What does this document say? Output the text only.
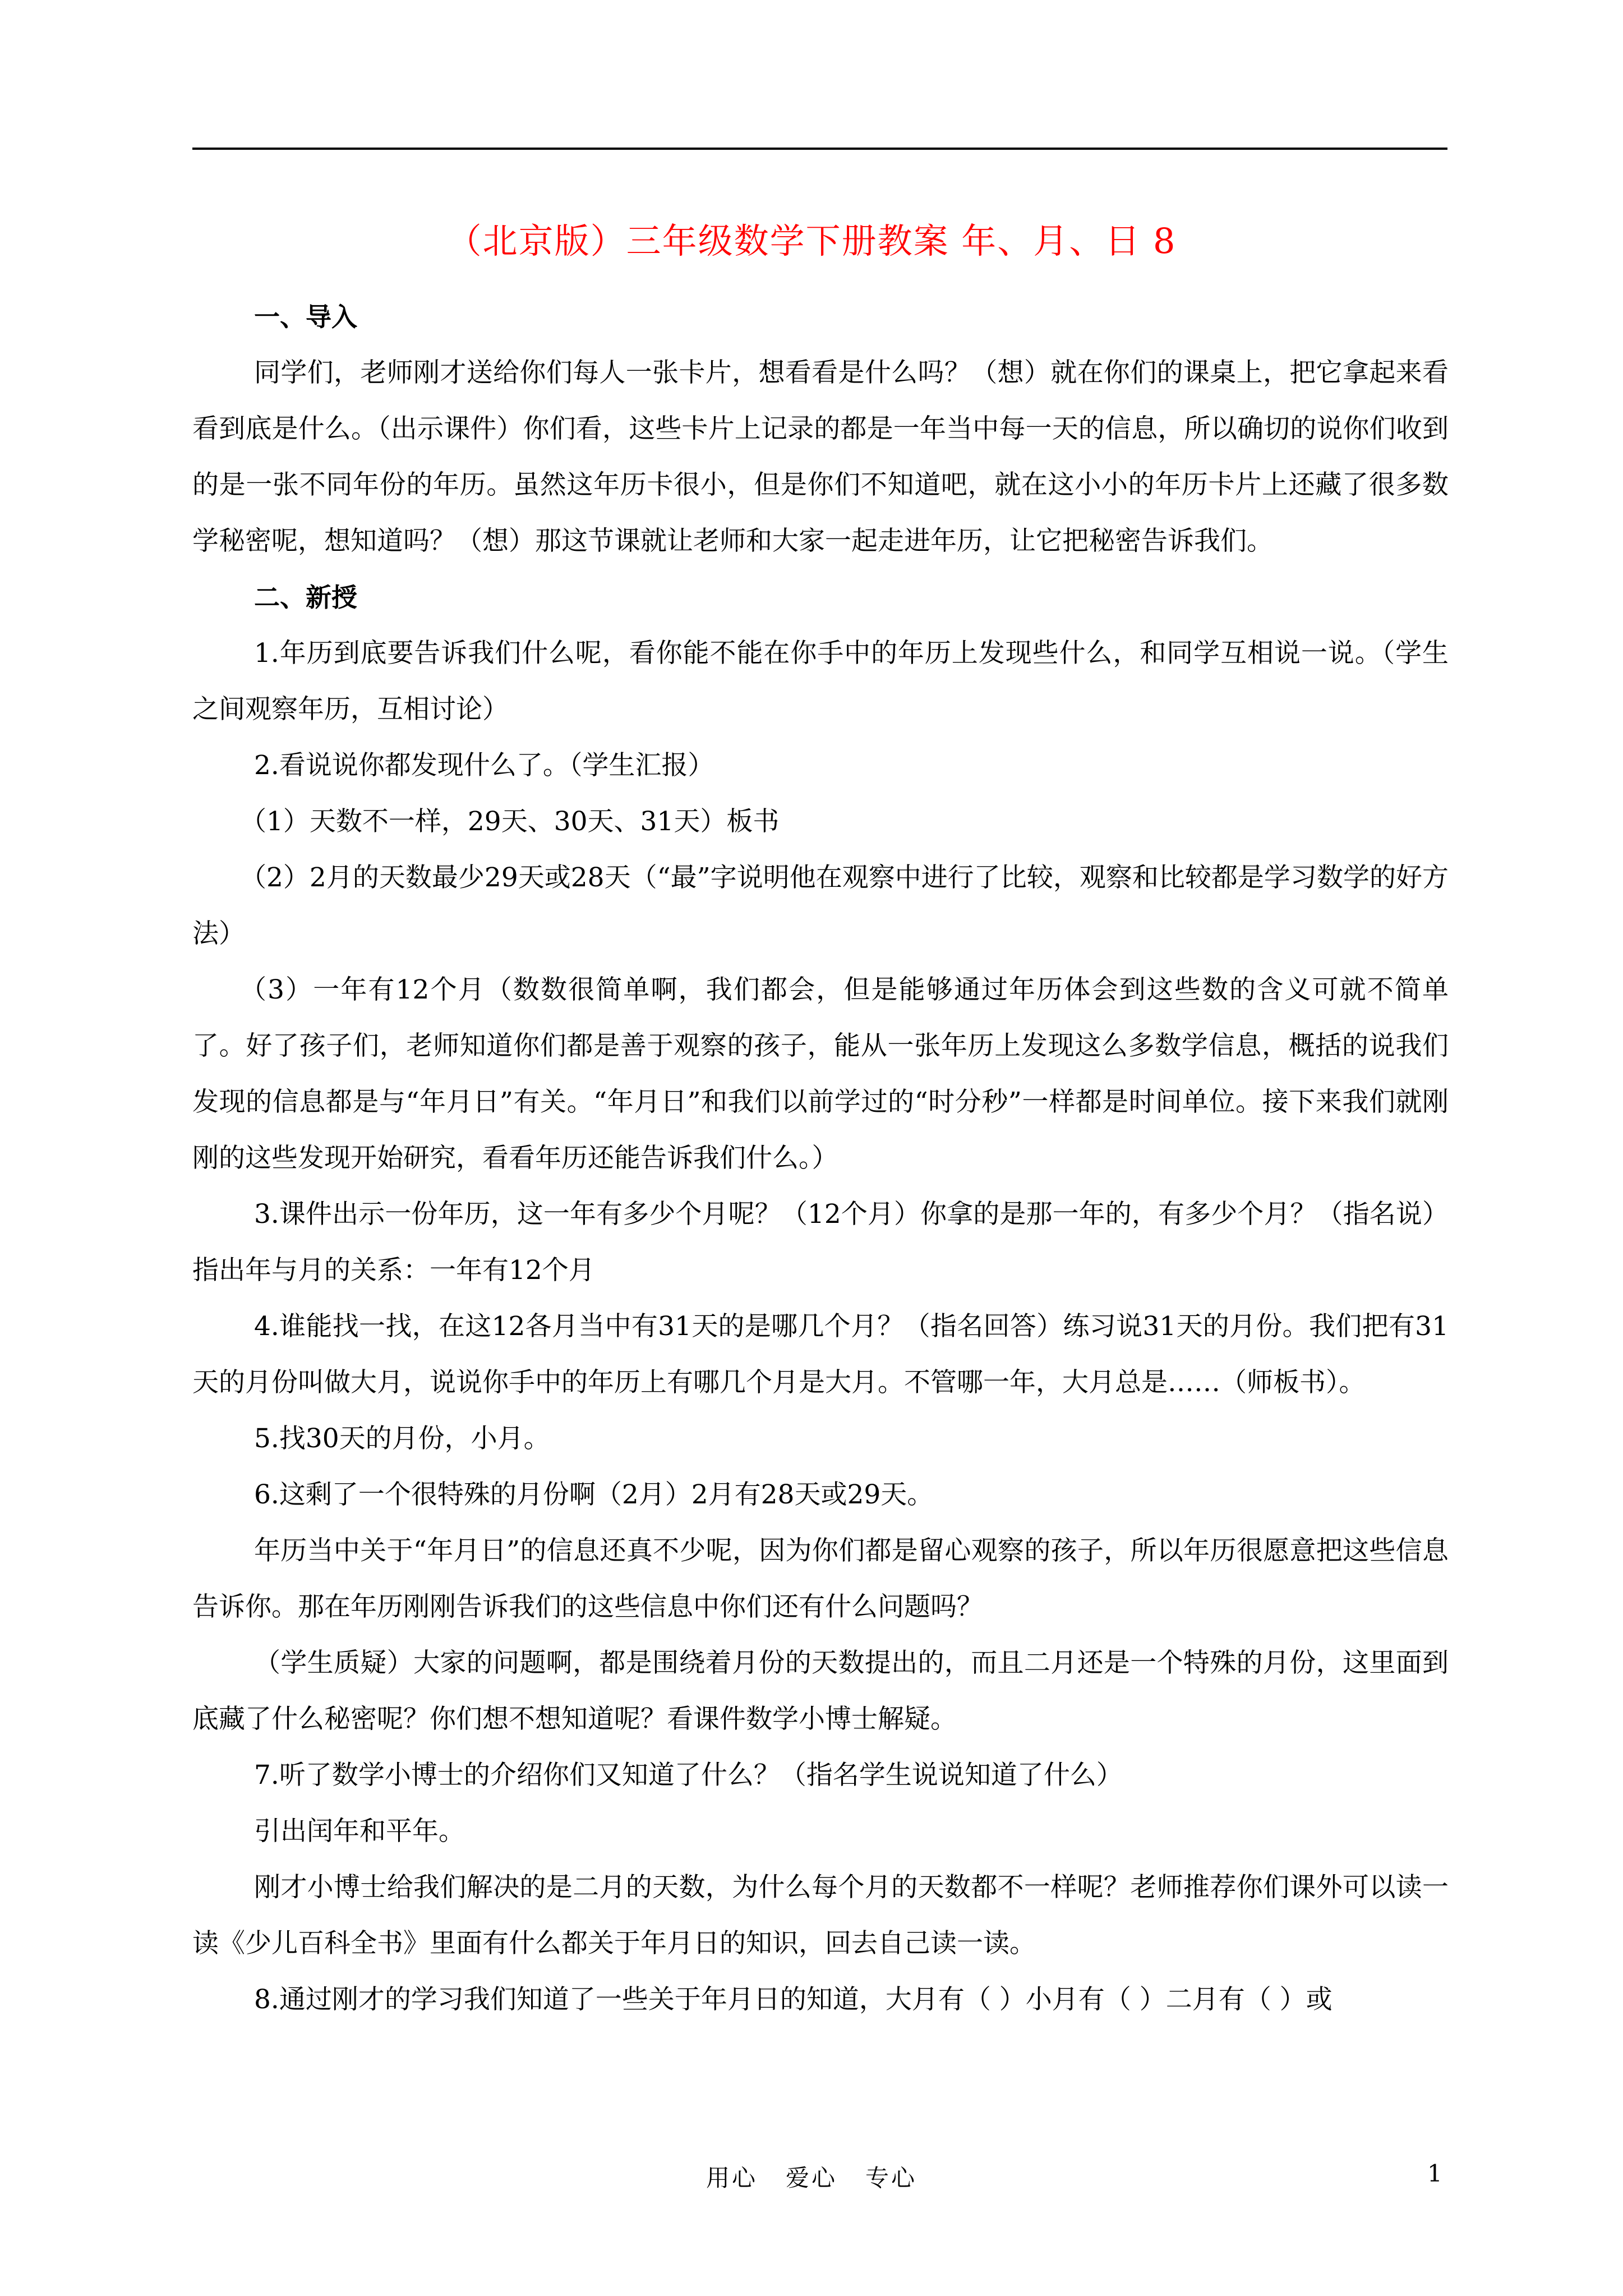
（北京版）三年级数学下册教案 年、月、日 8

一、导入

同学们，老师刚才送给你们每人一张卡片，想看看是什么吗？（想）就在你们的课桌上，把它拿起来看看到底是什么。（出示课件）你们看，这些卡片上记录的都是一年当中每一天的信息，所以确切的说你们收到的是一张不同年份的年历。虽然这年历卡很小，但是你们不知道吧，就在这小小的年历卡片上还藏了很多数学秘密呢，想知道吗？（想）那这节课就让老师和大家一起走进年历，让它把秘密告诉我们。

二、新授

1.年历到底要告诉我们什么呢，看你能不能在你手中的年历上发现些什么，和同学互相说一说。（学生之间观察年历，互相讨论）

2.看说说你都发现什么了。（学生汇报）

（1）天数不一样，29天、30天、31天）板书

（2）2月的天数最少29天或28天（“最”字说明他在观察中进行了比较，观察和比较都是学习数学的好方法）

（3）一年有12个月（数数很简单啊，我们都会，但是能够通过年历体会到这些数的含义可就不简单了。好了孩子们，老师知道你们都是善于观察的孩子，能从一张年历上发现这么多数学信息，概括的说我们发现的信息都是与“年月日”有关。“年月日”和我们以前学过的“时分秒”一样都是时间单位。接下来我们就刚刚的这些发现开始研究，看看年历还能告诉我们什么。）

3.课件出示一份年历，这一年有多少个月呢？（12个月）你拿的是那一年的，有多少个月？（指名说）指出年与月的关系：一年有12个月

4.谁能找一找，在这12各月当中有31天的是哪几个月？（指名回答）练习说31天的月份。我们把有31天的月份叫做大月，说说你手中的年历上有哪几个月是大月。不管哪一年，大月总是……（师板书）。

5.找30天的月份，小月。

6.这剩了一个很特殊的月份啊（2月）2月有28天或29天。

年历当中关于“年月日”的信息还真不少呢，因为你们都是留心观察的孩子，所以年历很愿意把这些信息告诉你。那在年历刚刚告诉我们的这些信息中你们还有什么问题吗？

（学生质疑）大家的问题啊，都是围绕着月份的天数提出的，而且二月还是一个特殊的月份，这里面到底藏了什么秘密呢？你们想不想知道呢？看课件数学小博士解疑。

7.听了数学小博士的介绍你们又知道了什么？（指名学生说说知道了什么）

引出闰年和平年。

刚才小博士给我们解决的是二月的天数，为什么每个月的天数都不一样呢？老师推荐你们课外可以读一读《少儿百科全书》里面有什么都关于年月日的知识，回去自己读一读。

8.通过刚才的学习我们知道了一些关于年月日的知道，大月有（ ）小月有（ ）二月有（ ）或

用心 爱心 专心	1
